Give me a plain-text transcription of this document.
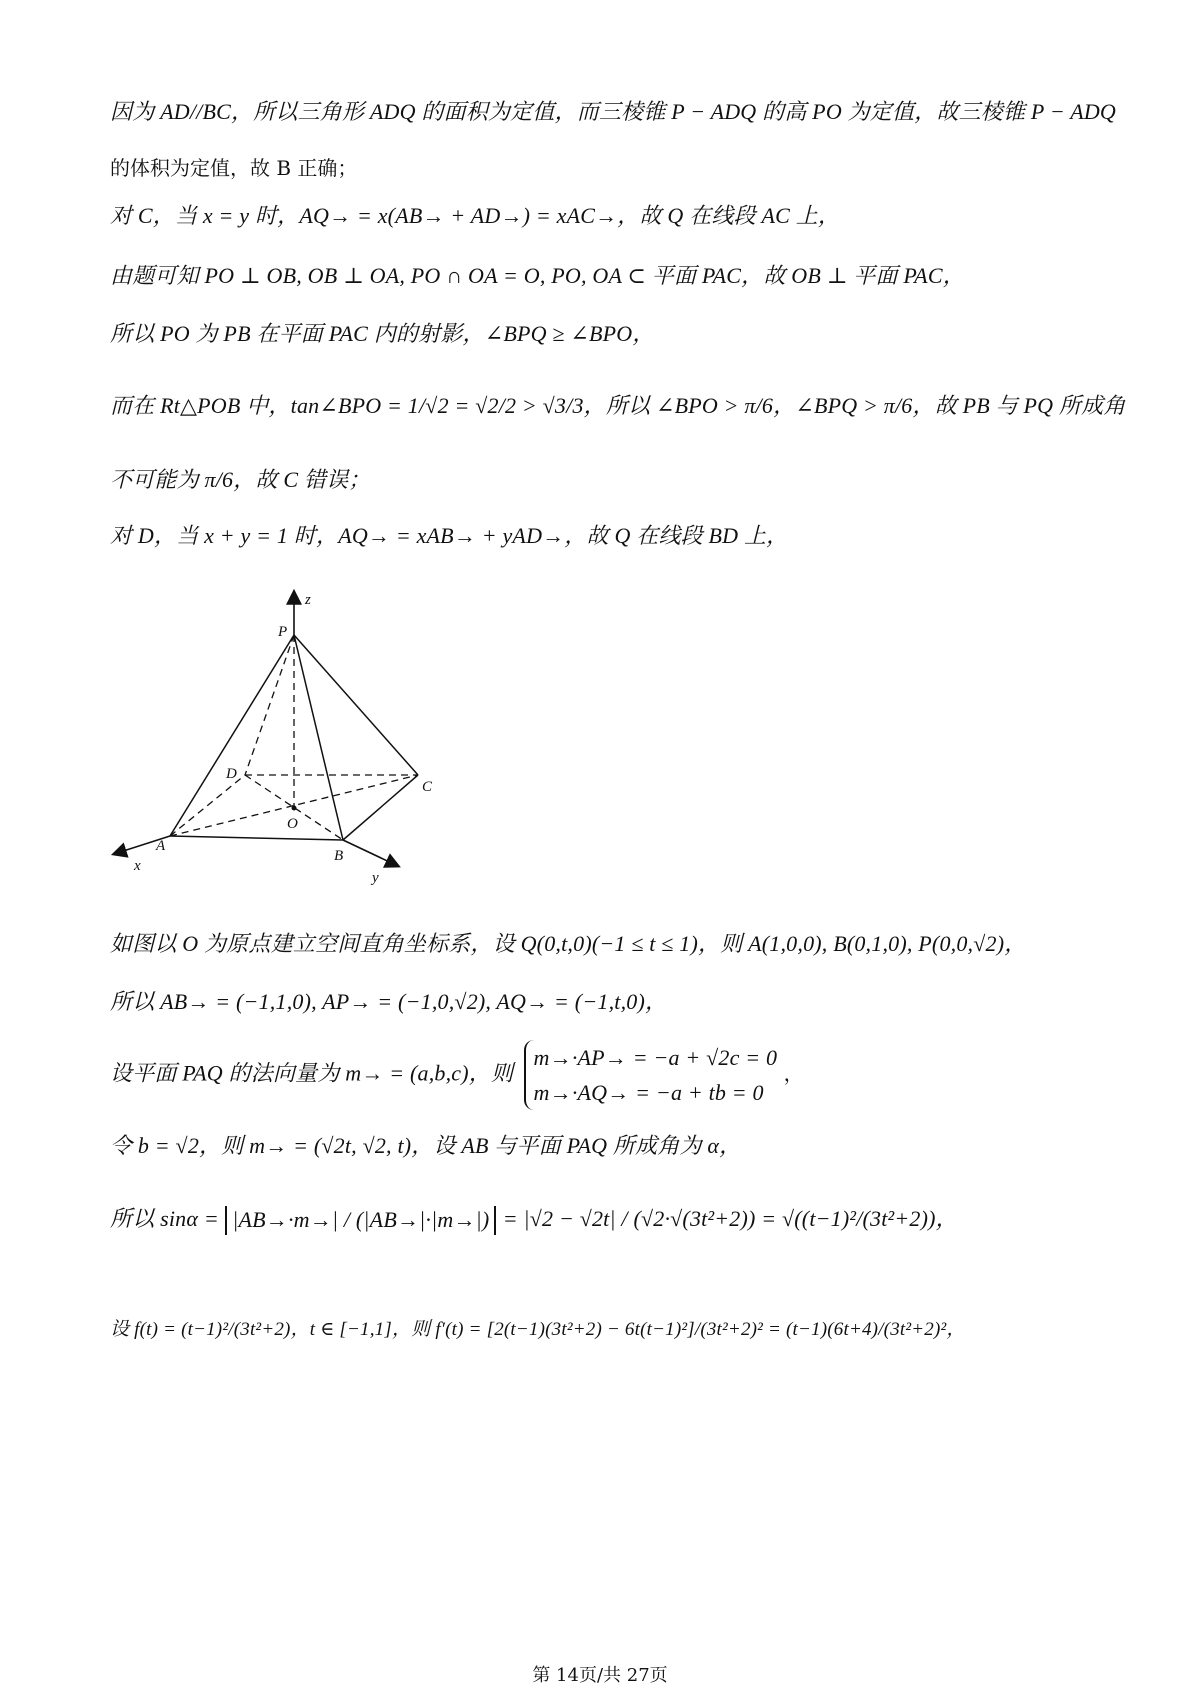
因为 AD//BC，所以三角形 ADQ 的面积为定值，而三棱锥 P − ADQ 的高 PO 为定值，故三棱锥 P − ADQ
的体积为定值，故 B 正确；
对 C，当 x = y 时，AQ→ = x(AB→ + AD→) = xAC→，故 Q 在线段 AC 上，
由题可知 PO ⊥ OB, OB ⊥ OA, PO ∩ OA = O, PO, OA ⊂ 平面 PAC，故 OB ⊥ 平面 PAC，
所以 PO 为 PB 在平面 PAC 内的射影，∠BPQ ≥ ∠BPO，
而在 Rt△POB 中，tan∠BPO = 1/√2 = √2/2 > √3/3，所以 ∠BPO > π/6，∠BPQ > π/6，故 PB 与 PQ 所成角
不可能为 π/6，故 C 错误；
对 D，当 x + y = 1 时，AQ→ = xAB→ + yAD→，故 Q 在线段 BD 上，
z
P
D
C
O
A
B
x
y
如图以 O 为原点建立空间直角坐标系，设 Q(0,t,0)(−1 ≤ t ≤ 1)，则 A(1,0,0), B(0,1,0), P(0,0,√2)，
所以 AB→ = (−1,1,0), AP→ = (−1,0,√2), AQ→ = (−1,t,0)，
设平面 PAQ 的法向量为 m→ = (a,b,c)，则
m→·AP→ = −a + √2c = 0
m→·AQ→ = −a + tb = 0
，
令 b = √2，则 m→ = (√2t, √2, t)，设 AB 与平面 PAQ 所成角为 α，
所以 sinα = |AB→·m→| / (|AB→|·|m→|) = |√2 − √2t| / (√2·√(3t²+2)) = √((t−1)²/(3t²+2))，
设 f(t) = (t−1)²/(3t²+2)，t ∈ [−1,1]，则 f′(t) = [2(t−1)(3t²+2) − 6t(t−1)²]/(3t²+2)² = (t−1)(6t+4)/(3t²+2)²，
第 14页/共 27页
